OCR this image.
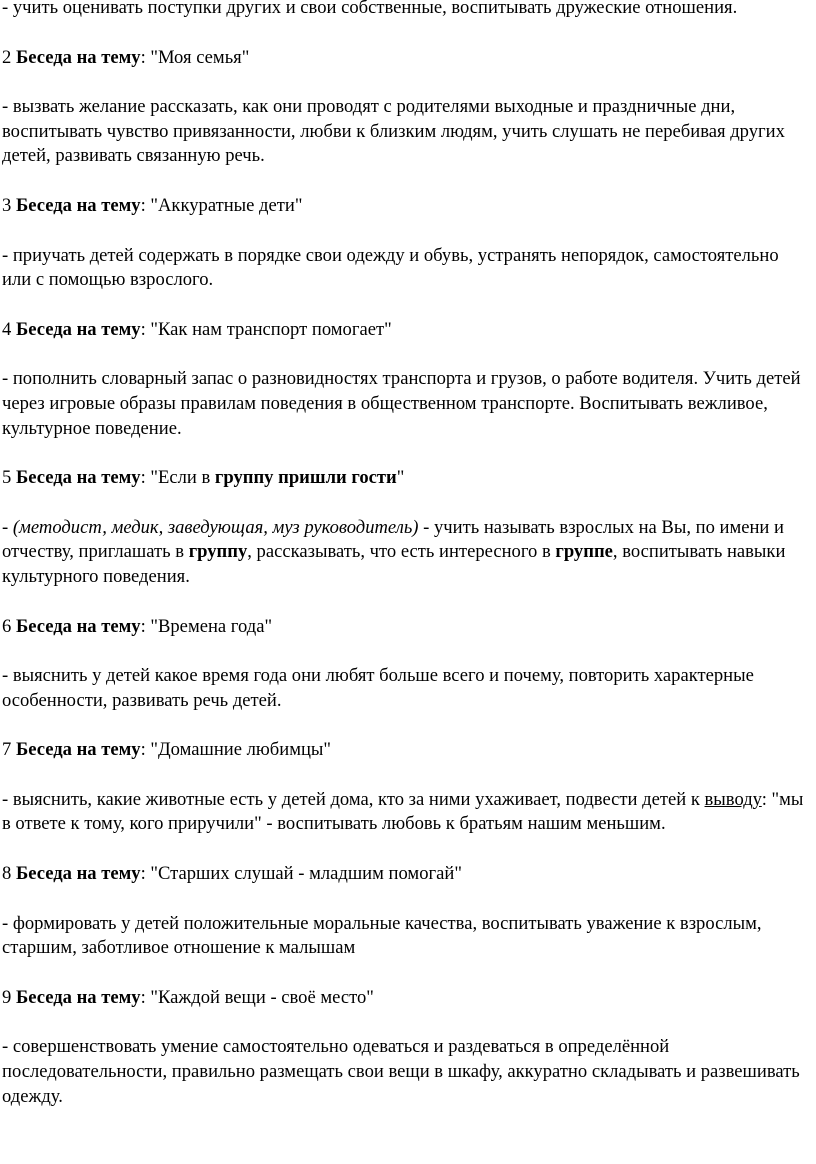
- учить оценивать поступки других и свои собственные, воспитывать дружеские отношения.

2 Беседа на тему: "Моя семья"

- вызвать желание рассказать, как они проводят с родителями выходные и праздничные дни, воспитывать чувство привязанности, любви к близким людям, учить слушать не перебивая других детей, развивать связанную речь.

3 Беседа на тему: "Аккуратные дети"

- приучать детей содержать в порядке свои одежду и обувь, устранять непорядок, самостоятельно или с помощью взрослого.

4 Беседа на тему: "Как нам транспорт помогает"

- пополнить словарный запас о разновидностях транспорта и грузов, о работе водителя. Учить детей через игровые образы правилам поведения в общественном транспорте. Воспитывать вежливое, культурное поведение.

5 Беседа на тему: "Если в группу пришли гости"

- (методист, медик, заведующая, муз руководитель) - учить называть взрослых на Вы, по имени и отчеству, приглашать в группу, рассказывать, что есть интересного в группе, воспитывать навыки культурного поведения.

6 Беседа на тему: "Времена года"

- выяснить у детей какое время года они любят больше всего и почему, повторить характерные особенности, развивать речь детей.

7 Беседа на тему: "Домашние любимцы"

- выяснить, какие животные есть у детей дома, кто за ними ухаживает, подвести детей к выводу: "мы в ответе к тому, кого приручили" - воспитывать любовь к братьям нашим меньшим.

8 Беседа на тему: "Старших слушай - младшим помогай"

- формировать у детей положительные моральные качества, воспитывать уважение к взрослым, старшим, заботливое отношение к малышам

9 Беседа на тему: "Каждой вещи - своё место"

- совершенствовать умение самостоятельно одеваться и раздеваться в определённой последовательности, правильно размещать свои вещи в шкафу, аккуратно складывать и развешивать одежду.
